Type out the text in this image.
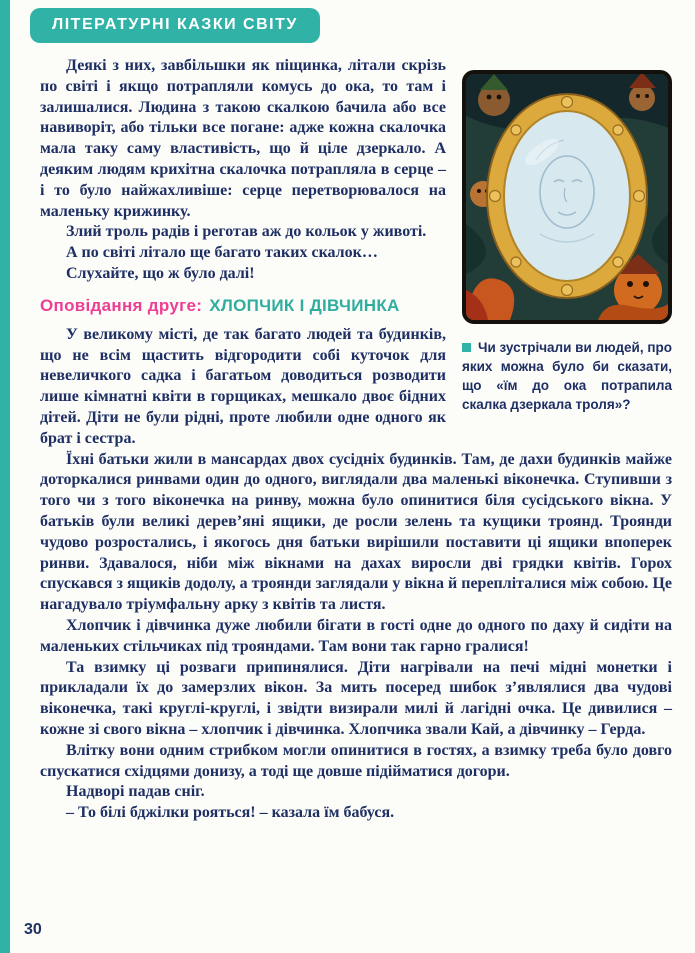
ЛІТЕРАТУРНІ КАЗКИ СВІТУ
Чи зустрічали ви людей, про яких можна було би сказати, що «їм до ока потрапила скалка дзеркала троля»?

Деякі з них, завбільшки як піщинка, літали скрізь по світі і якщо потрапляли комусь до ока, то там і залишалися. Людина з такою скалкою бачила або все навиворіт, або тільки все погане: адже кожна скалочка мала таку саму властивість, що й ціле дзеркало. А деяким людям крихітна скалочка потрапляла в серце – і то було найжахливіше: серце перетворювалося на маленьку крижинку.

Злий троль радів і реготав аж до кольок у животі.

А по світі літало ще багато таких скалок…

Слухайте, що ж було далі!

Оповідання друге: ХЛОПЧИК І ДІВЧИНКА

У великому місті, де так багато людей та будинків, що не всім щастить відгородити собі куточок для невеличкого садка і багатьом доводиться розводити лише кімнатні квіти в горщиках, мешкало двоє бідних дітей. Діти не були рідні, проте любили одне одного як брат і сестра.

Їхні батьки жили в мансардах двох сусідніх будинків. Там, де дахи будинків майже доторкалися ринвами один до одного, виглядали два маленькі віконечка. Ступивши з того чи з того віконечка на ринву, можна було опинитися біля сусідського вікна. У батьків були великі дерев’яні ящики, де росли зелень та кущики троянд. Троянди чудово розростались, і якогось дня батьки вирішили поставити ці ящики впоперек ринви. Здавалося, ніби між вікнами на дахах виросли дві грядки квітів. Горох спускався з ящиків додолу, а троянди заглядали у вікна й перепліталися між собою. Це нагадувало тріумфальну арку з квітів та листя.

Хлопчик і дівчинка дуже любили бігати в гості одне до одного по даху й сидіти на маленьких стільчиках під трояндами. Там вони так гарно гралися!

Та взимку ці розваги припинялися. Діти нагрівали на печі мідні монетки і прикладали їх до замерзлих вікон. За мить посеред шибок з’являлися два чудові віконечка, такі круглі-круглі, і звідти визирали милі й лагідні очка. Це дивилися – кожне зі свого вікна – хлопчик і дівчинка. Хлопчика звали Кай, а дівчинку – Герда.

Влітку вони одним стрибком могли опинитися в гостях, а взимку треба було довго спускатися східцями донизу, а тоді ще довше підійматися догори.

Надворі падав сніг.

– То білі бджілки рояться! – казала їм бабуся.

30
